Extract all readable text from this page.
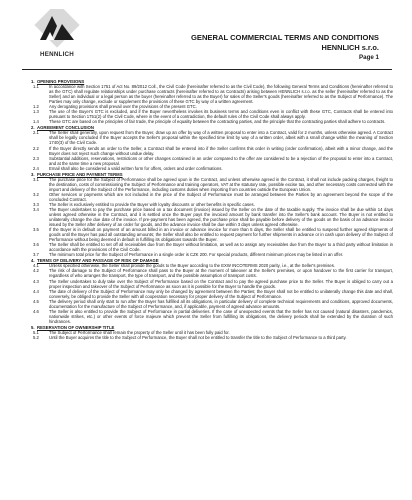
HENNLICH
GENERAL COMMERCIAL TERMS AND CONDITIONS
HENNLICH s.r.o.
Page 1
1. OPENING PROVISIONS
1.1 In accordance with Section 1751 of Act No. 89/2012 Coll., the Civil Code (hereinafter referred to as the Civil Code), the following General Terms and Conditions (hereinafter referred to as the GTC) shall regulate relationships under purchase contracts (hereinafter referred to as Contracts) arising between HENNLICH s.r.o. as the seller (hereinafter referred to as the Seller) and an individual or a legal person as the buyer (hereinafter referred to as the Buyer) for sales of the Seller's goods (hereinafter referred to as the Subject of Performance). The Parties may only change, exclude or supplement the provisions of these GTC by way of a written agreement.
1.2 Any derogating provisions shall prevail over the provisions of the present GTC.
1.3 The use of the Buyer's GTC is excluded, and if the Buyer nevertheless invokes its business terms and conditions even in conflict with these GTC, Contracts shall be entered into pursuant to Section 1751(2) of the Civil Code, where in the event of a contradiction, the default rules of the Civil Code shall always apply.
1.4 These GTC are based on the principles of fair trade, the principle of equality between the contracting parties, and the principle that the contracting parties shall adhere to contracts.
2. AGREEMENT CONCLUSION
2.1 The Seller shall generally, upon request from the Buyer, draw up an offer by way of a written proposal to enter into a Contract, valid for 2 months, unless otherwise agreed. A Contract shall be legally concluded if the Buyer accepts the Seller's proposal within the specified time limit by way of a written order, albeit with a small change within the meaning of Section 1740(3) of the Civil Code.
2.2 If the Buyer directly sends an order to the Seller, a Contract shall be entered into if the Seller confirms this order in writing (order confirmation), albeit with a minor change, and the Buyer does not reject such change without undue delay.
2.3 Substantial additions, reservations, restrictions or other changes contained in an order compared to the offer are considered to be a rejection of the proposal to enter into a Contract, and at the same time a new proposal.
2.4 Email shall also be considered a valid written form for offers, orders and order confirmations.
3. PURCHASE PRICE AND PAYMENT TERMS
3.1 The purchase price for the Subject of Performance shall be agreed upon in the Contract, and unless otherwise agreed in the Contract, it shall not include packing charges, freight to the destination, costs of commissioning the Subject of Performance and training operators, VAT at the statutory rate, possible excise tax, and other necessary costs connected with the import and delivery of the Subject of the Performance, including customs duties when importing from countries outside the European Union.
3.2 Other services or payments which are not included in the price of the Subject of Performance must be arranged between the Parties by an agreement beyond the scope of the concluded Contract.
3.3 The Seller is exclusively entitled to provide the Buyer with loyalty discounts or other benefits in specific cases.
3.4 The Buyer undertakes to pay the purchase price based on a tax document (invoice) issued by the Seller on the date of the taxable supply. The invoice shall be due within 14 days unless agreed otherwise in the Contract, and it is settled once the Buyer pays the invoiced amount by bank transfer into the Seller's bank account. The Buyer is not entitled to unilaterally change the due date of the invoice. If pre-payment has been agreed, the purchase price shall be payable before delivery of the goods on the basis of an advance invoice issued by the Seller after delivery of an order for goods, and the advance invoice shall be due within 3 days unless agreed otherwise.
3.5 If the Buyer is in default on payment of an amount billed in an invoice or advance invoice for more than 5 days, the Seller shall be entitled to suspend further agreed shipments of goods until the Buyer has paid all outstanding amounts; the Seller shall also be entitled to request payment for further shipments in advance or in cash upon delivery of the Subject of Performance without being deemed in default in fulfilling its obligations towards the Buyer.
3.6 The Seller shall be entitled to set off all receivables due from the Buyer without limitation, as well as to assign any receivables due from the Buyer to a third party without limitation in accordance with the provisions of the Civil Code.
3.7 The minimum total price for the Subject of Performance in a single order is CZK 200. For special products, different minimum prices may be listed in an offer.
4. TERMS OF DELIVERY AND PASSAGE OF RISK OF DAMAGE
4.1 Unless specified otherwise, the Seller shall provide the goods to the Buyer according to the EXW INCOTERMS 2020 parity, i.e., at the Seller's premises.
4.2 The risk of damage to the Subject of Performance shall pass to the Buyer at the moment of takeover at the Seller's premises, or upon handover to the first carrier for transport, regardless of who arranges the transport, the type of transport, and the possible assumption of transport costs.
4.3 The Seller undertakes to duly take over the Subject of Performance based on the Contract and to pay the agreed purchase price to the Seller. The Buyer is obliged to carry out a proper inspection and takeover of the Subject of Performance as soon as it is possible for the Buyer to handle the goods.
4.4 The date of delivery of the Subject of Performance may only be changed by agreement between the Parties; the Buyer shall not be entitled to unilaterally change this date and shall, conversely, be obliged to provide the Seller with all cooperation necessary for proper delivery of the Subject of Performance.
4.5 The delivery period shall only start to run after the Buyer has fulfilled all its obligations, in particular delivery of complete technical requirements and conditions, approved documents, documentation for the manufacture of the Subject of Performance, and, if applicable, payment of agreed advance amounts.
4.6 The Seller is also entitled to provide the Subject of Performance in partial deliveries. If the case of unexpected events that the Seller has not caused (natural disasters, pandemics, nationwide strikes, etc.) or other events of force majeure which prevent the Seller from fulfilling its obligations, the delivery periods shall be extended by the duration of such hindrances.
5. RESERVATION OF OWNERSHIP TITLE
5.1 The Subject of Performance shall remain the property of the Seller until it has been fully paid for.
5.2 Until the Buyer acquires the title to the Subject of Performance, the Buyer shall not be entitled to transfer the title to the Subject of Performance to a third party.
